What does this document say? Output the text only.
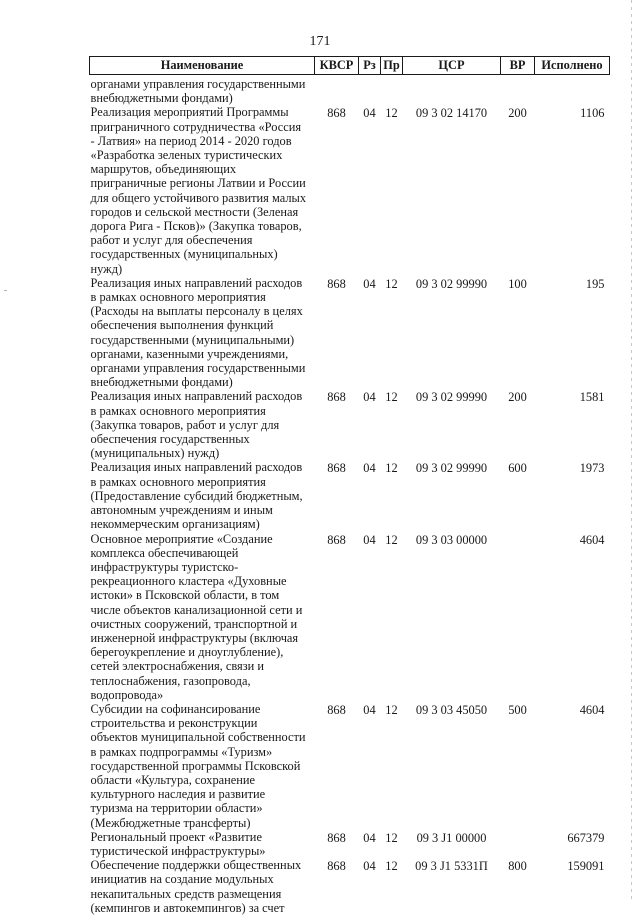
171
Наименование	КВСР	Рз	Пр	ЦСР	ВР	Исполнено
органами управления государственными внебюджетными фондами)						
Реализация мероприятий Программы приграничного сотрудничества «Россия - Латвия» на период 2014 - 2020 годов «Разработка зеленых туристических маршрутов, объединяющих приграничные регионы Латвии и России для общего устойчивого развития малых городов и сельской местности (Зеленая дорога Рига - Псков)» (Закупка товаров, работ и услуг для обеспечения государственных (муниципальных) нужд)	868	04	12	09 3 02 14170	200	1106
Реализация иных направлений расходов в рамках основного мероприятия (Расходы на выплаты персоналу в целях обеспечения выполнения функций государственными (муниципальными) органами, казенными учреждениями, органами управления государственными внебюджетными фондами)	868	04	12	09 3 02 99990	100	195
Реализация иных направлений расходов в рамках основного мероприятия (Закупка товаров, работ и услуг для обеспечения государственных (муниципальных) нужд)	868	04	12	09 3 02 99990	200	1581
Реализация иных направлений расходов в рамках основного мероприятия (Предоставление субсидий бюджетным, автономным учреждениям и иным некоммерческим организациям)	868	04	12	09 3 02 99990	600	1973
Основное мероприятие «Создание комплекса обеспечивающей инфраструктуры туристско-рекреационного кластера «Духовные истоки» в Псковской области, в том числе объектов канализационной сети и очистных сооружений, транспортной и инженерной инфраструктуры (включая берегоукрепление и дноуглубление), сетей электроснабжения, связи и теплоснабжения, газопровода, водопровода»	868	04	12	09 3 03 00000		4604
Субсидии на софинансирование строительства и реконструкции объектов муниципальной собственности в рамках подпрограммы «Туризм» государственной программы Псковской области «Культура, сохранение культурного наследия и развитие туризма на территории области» (Межбюджетные трансферты)	868	04	12	09 3 03 45050	500	4604
Региональный проект «Развитие туристической инфраструктуры»	868	04	12	09 3 J1 00000		667379
Обеспечение поддержки общественных инициатив на создание модульных некапитальных средств размещения (кемпингов и автокемпингов) за счет	868	04	12	09 3 J1 5331П	800	159091
